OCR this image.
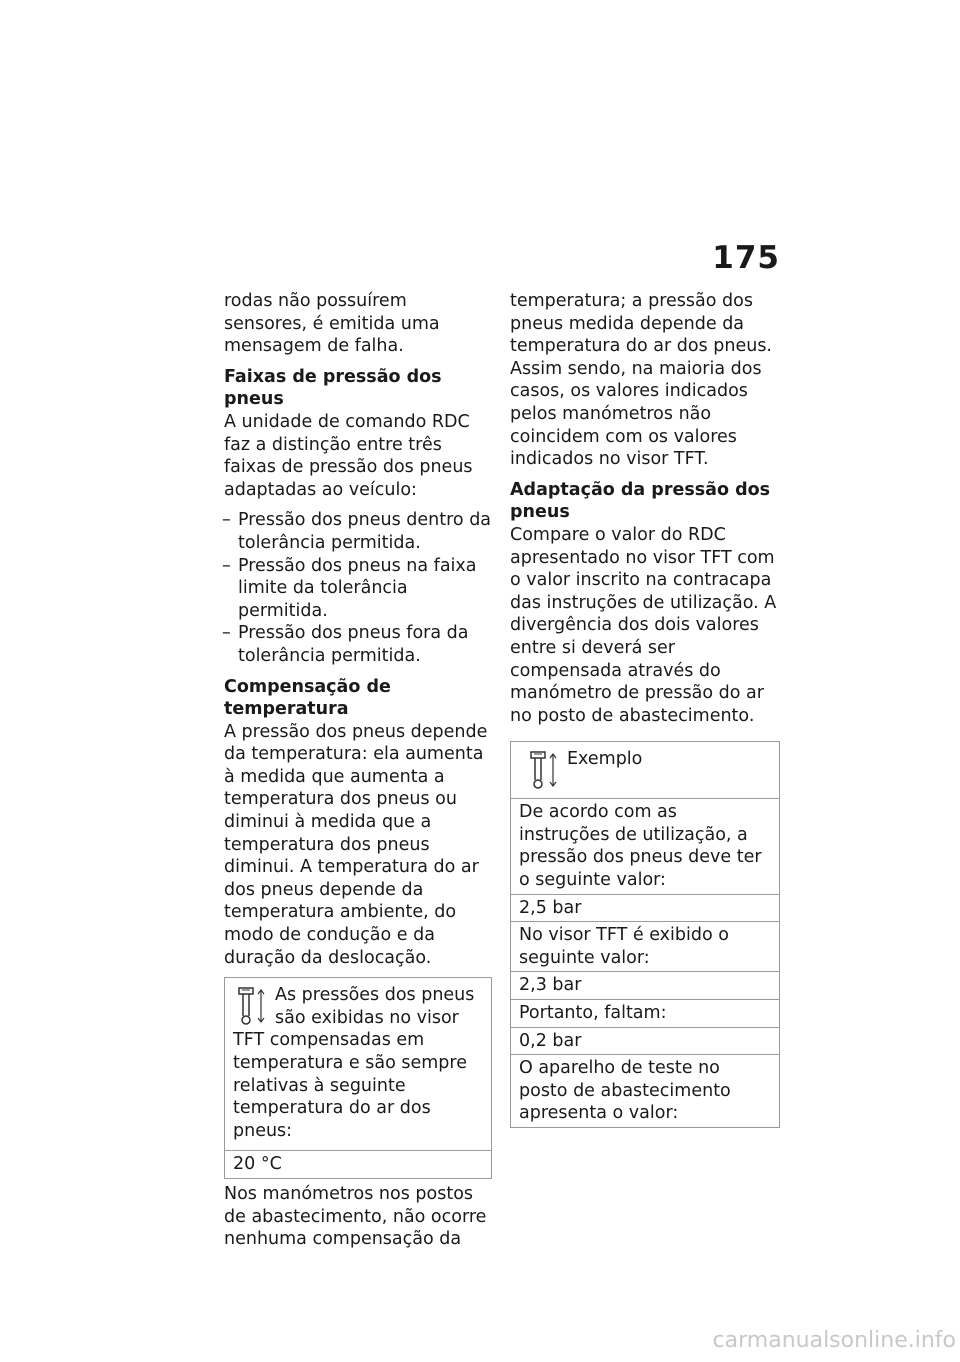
175

rodas não possuírem sensores, é emitida uma mensagem de falha.

Faixas de pressão dos pneus

A unidade de comando RDC faz a distinção entre três faixas de pressão dos pneus adaptadas ao veículo:

– Pressão dos pneus dentro da tolerância permitida.
– Pressão dos pneus na faixa limite da tolerância permitida.
– Pressão dos pneus fora da tolerância permitida.

Compensação de temperatura

A pressão dos pneus depende da temperatura: ela aumenta à medida que aumenta a temperatura dos pneus ou diminui à medida que a temperatura dos pneus diminui. A temperatura do ar dos pneus depende da temperatura ambiente, do modo de condução e da duração da deslocação.

As pressões dos pneus são exibidas no visor TFT compensadas em temperatura e são sempre relativas à seguinte temperatura do ar dos pneus:
20 °C

Nos manómetros nos postos de abastecimento, não ocorre nenhuma compensação da

temperatura; a pressão dos pneus medida depende da temperatura do ar dos pneus. Assim sendo, na maioria dos casos, os valores indicados pelos manómetros não coincidem com os valores indicados no visor TFT.

Adaptação da pressão dos pneus

Compare o valor do RDC apresentado no visor TFT com o valor inscrito na contracapa das instruções de utilização. A divergência dos dois valores entre si deverá ser compensada através do manómetro de pressão do ar no posto de abastecimento.

Exemplo
De acordo com as instruções de utilização, a pressão dos pneus deve ter o seguinte valor:
2,5 bar
No visor TFT é exibido o seguinte valor:
2,3 bar
Portanto, faltam:
0,2 bar
O aparelho de teste no posto de abastecimento apresenta o valor:
carmanualsonline.info
